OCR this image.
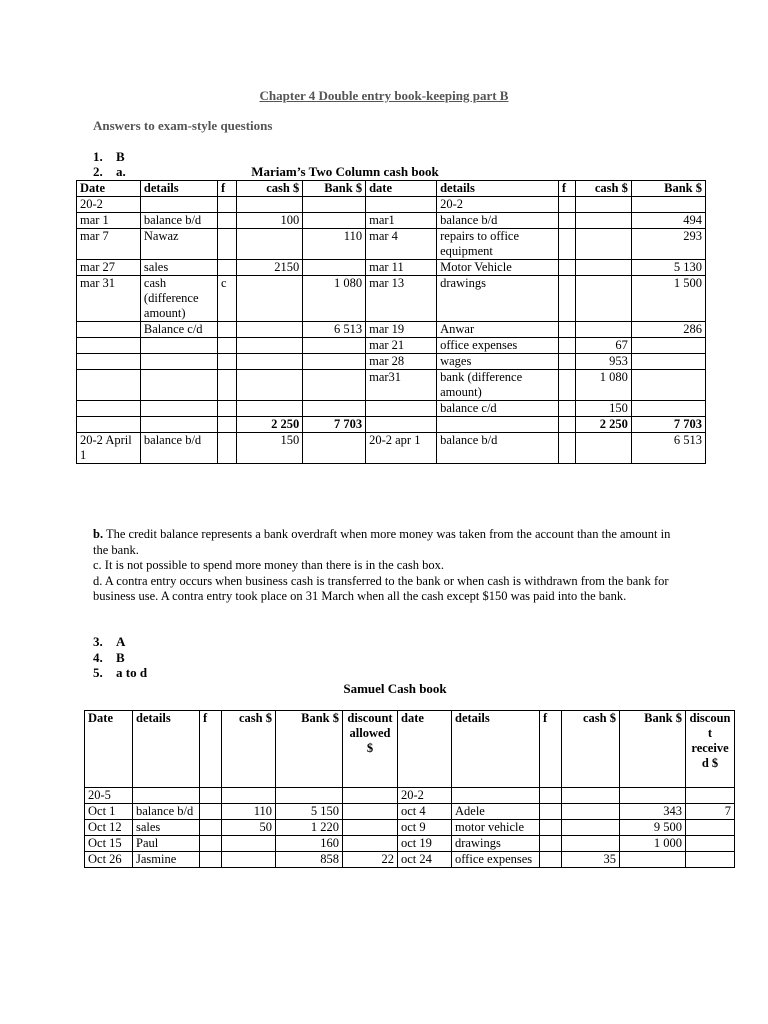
Chapter 4 Double entry book-keeping part B
Answers to exam-style questions
1. B
2. a.	Mariam’s Two Column cash book
Date	details	f	cash $	Bank $	date	details	f	cash $	Bank $
20-2						20-2			
mar 1	balance b/d		100		mar1	balance b/d			494
mar 7	Nawaz			110	mar 4	repairs to office equipment			293
mar 27	sales		2150		mar 11	Motor Vehicle			5 130
mar 31	cash (difference amount)	c		1 080	mar 13	drawings			1 500
	Balance c/d			6 513	mar 19	Anwar			286
					mar 21	office expenses		67	
					mar 28	wages		953	
					mar31	bank (difference amount)		1 080	
						balance c/d		150	
			2 250	7 703				2 250	7 703
20-2 April 1	balance b/d		150		20-2 apr 1	balance b/d			6 513

b. The credit balance represents a bank overdraft when more money was taken from the account than the amount in the bank.

c. It is not possible to spend more money than there is in the cash box.

d. A contra entry occurs when business cash is transferred to the bank or when cash is withdrawn from the bank for business use. A contra entry took place on 31 March when all the cash except $150 was paid into the bank.

3. A
4. B
5. a to d
Samuel Cash book
Date	details	f	cash $	Bank $	discount allowed $	date	details	f	cash $	Bank $	discount received $
20-5						20-2					
Oct 1	balance b/d		110	5 150		oct 4	Adele			343	7
Oct 12	sales		50	1 220		oct 9	motor vehicle			9 500	
Oct 15	Paul			160		oct 19	drawings			1 000	
Oct 26	Jasmine			858	22	oct 24	office expenses		35		
